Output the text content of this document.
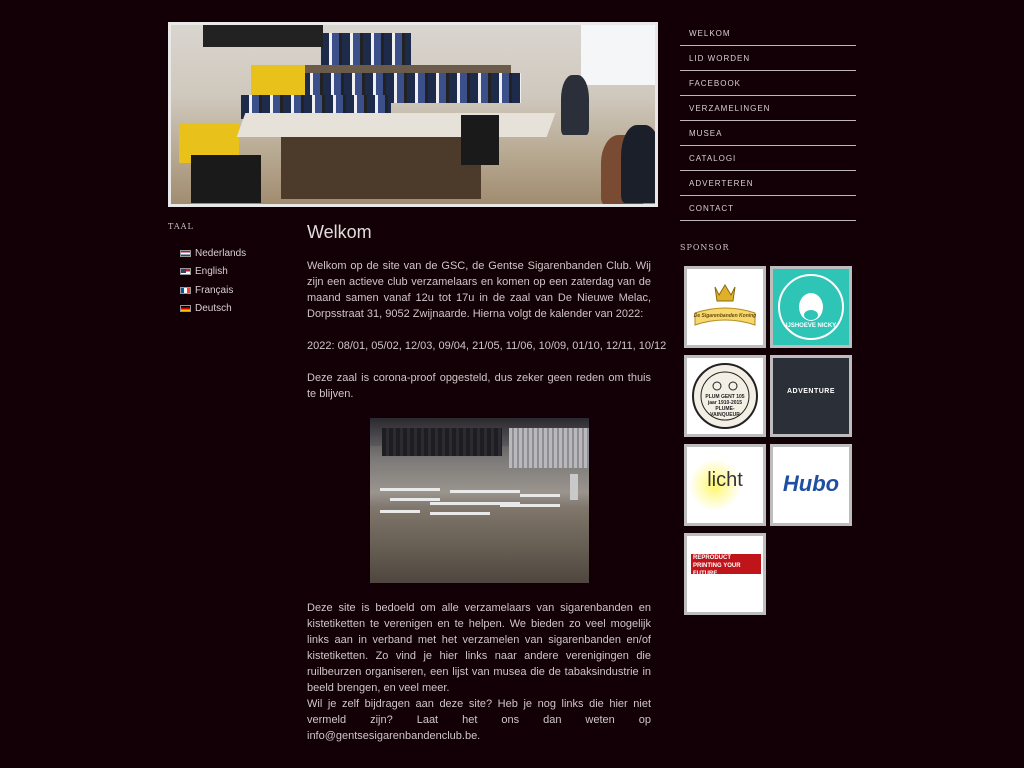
TAAL
Nederlands
English
Français
Deutsch
Welkom

Welkom op de site van de GSC, de Gentse Sigarenbanden Club. Wij zijn een actieve club verzamelaars en komen op een zaterdag van de maand samen vanaf 12u tot 17u in de zaal van De Nieuwe Melac, Dorpsstraat 31, 9052 Zwijnaarde. Hierna volgt de kalender van 2022:

2022: 08/01, 05/02, 12/03, 09/04, 21/05, 11/06, 10/09, 01/10, 12/11, 10/12

Deze zaal is corona-proof opgesteld, dus zeker geen reden om thuis te blijven.

Deze site is bedoeld om alle verzamelaars van sigarenbanden en kistetiketten te verenigen en te helpen. We bieden zo veel mogelijk links aan in verband met het verzamelen van sigarenbanden en/of kistetiketten. Zo vind je hier links naar andere verenigingen die ruilbeurzen organiseren, een lijst van musea die de tabaksindustrie in beeld brengen, en veel meer.

Wil je zelf bijdragen aan deze site? Heb je nog links die hier niet vermeld zijn? Laat het ons dan weten op info@gentsesigarenbandenclub.be.

WELKOM
LID WORDEN
FACEBOOK
VERZAMELINGEN
MUSEA
CATALOGI
ADVERTEREN
CONTACT
SPONSOR
De Sigarenbanden Koning
IJSHOEVE NICKY
PLUM GENT 105 jaar 1910-2015 PLUME-VAINQUEUR
ADVENTURE
licht	Hubo
REPRODUCT PRINTING YOUR FUTURE
